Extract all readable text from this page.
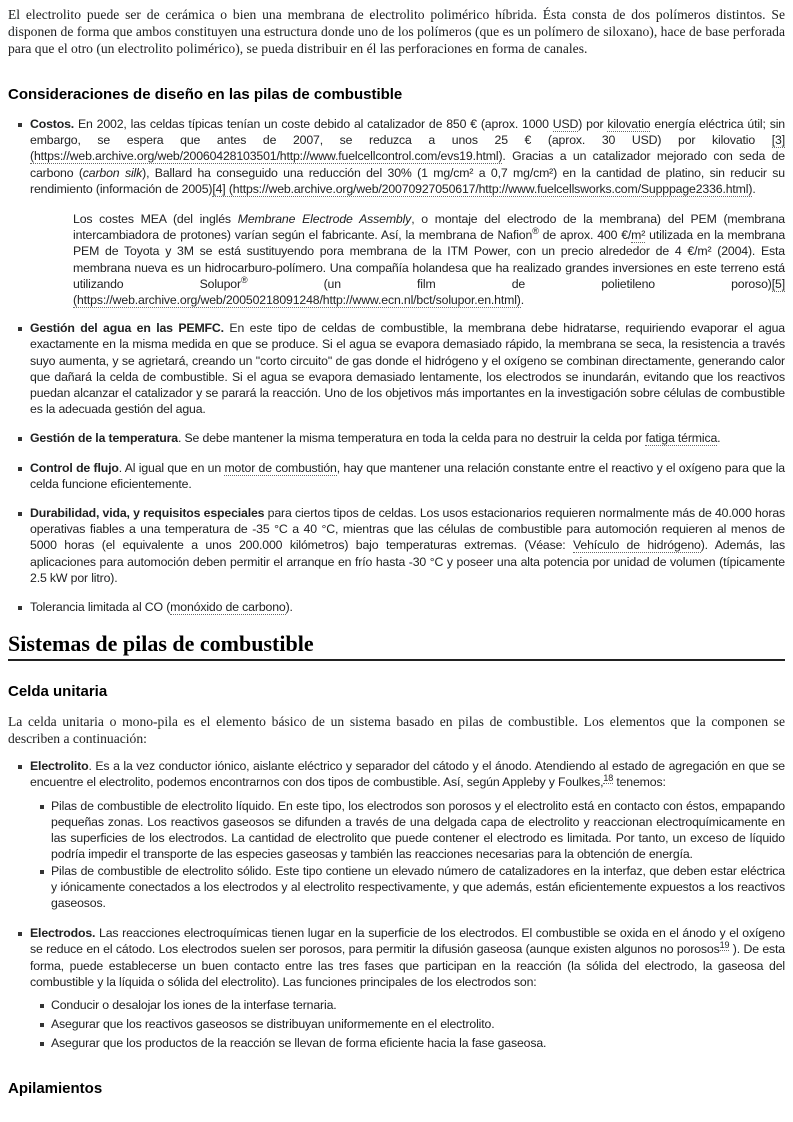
El electrolito puede ser de cerámica o bien una membrana de electrolito polimérico híbrida. Ésta consta de dos polímeros distintos. Se disponen de forma que ambos constituyen una estructura donde uno de los polímeros (que es un polímero de siloxano), hace de base perforada para que el otro (un electrolito polimérico), se pueda distribuir en él las perforaciones en forma de canales.

Consideraciones de diseño en las pilas de combustible
Costos. En 2002, las celdas típicas tenían un coste debido al catalizador de 850 € (aprox. 1000 USD) por kilovatio energía eléctrica útil; sin embargo, se espera que antes de 2007, se reduzca a unos 25 € (aprox. 30 USD) por kilovatio [3] (https://web.archive.org/web/20060428103501/http://www.fuelcellcontrol.com/evs19.html). Gracias a un catalizador mejorado con seda de carbono (carbon silk), Ballard ha conseguido una reducción del 30% (1 mg/cm² a 0,7 mg/cm²) en la cantidad de platino, sin reducir su rendimiento (información de 2005)[4] (https://web.archive.org/web/20070927050617/http://www.fuelcellsworks.com/Supppage2336.html).

Los costes MEA (del inglés Membrane Electrode Assembly, o montaje del electrodo de la membrana) del PEM (membrana intercambiadora de protones) varían según el fabricante. Así, la membrana de Nafion® de aprox. 400 €/m² utilizada en la membrana PEM de Toyota y 3M se está sustituyendo pora membrana de la ITM Power, con un precio alrededor de 4 €/m² (2004). Esta membrana nueva es un hidrocarburo-polímero. Una compañía holandesa que ha realizado grandes inversiones en este terreno está utilizando Solupor® (un film de polietileno poroso)[5] (https://web.archive.org/web/20050218091248/http://www.ecn.nl/bct/solupor.en.html).

Gestión del agua en las PEMFC. En este tipo de celdas de combustible, la membrana debe hidratarse, requiriendo evaporar el agua exactamente en la misma medida en que se produce. Si el agua se evapora demasiado rápido, la membrana se seca, la resistencia a través suyo aumenta, y se agrietará, creando un "corto circuito" de gas donde el hidrógeno y el oxígeno se combinan directamente, generando calor que dañará la celda de combustible. Si el agua se evapora demasiado lentamente, los electrodos se inundarán, evitando que los reactivos puedan alcanzar el catalizador y se parará la reacción. Uno de los objetivos más importantes en la investigación sobre células de combustible es la adecuada gestión del agua.
Gestión de la temperatura. Se debe mantener la misma temperatura en toda la celda para no destruir la celda por fatiga térmica.
Control de flujo. Al igual que en un motor de combustión, hay que mantener una relación constante entre el reactivo y el oxígeno para que la celda funcione eficientemente.
Durabilidad, vida, y requisitos especiales para ciertos tipos de celdas. Los usos estacionarios requieren normalmente más de 40.000 horas operativas fiables a una temperatura de -35 °C a 40 °C, mientras que las células de combustible para automoción requieren al menos de 5000 horas (el equivalente a unos 200.000 kilómetros) bajo temperaturas extremas. (Véase: Vehículo de hidrógeno). Además, las aplicaciones para automoción deben permitir el arranque en frío hasta -30 °C y poseer una alta potencia por unidad de volumen (típicamente 2.5 kW por litro).
Tolerancia limitada al CO (monóxido de carbono).
Sistemas de pilas de combustible
Celda unitaria

La celda unitaria o mono-pila es el elemento básico de un sistema basado en pilas de combustible. Los elementos que la componen se describen a continuación:

Electrolito. Es a la vez conductor iónico, aislante eléctrico y separador del cátodo y el ánodo. Atendiendo al estado de agregación en que se encuentre el electrolito, podemos encontrarnos con dos tipos de combustible. Así, según Appleby y Foulkes,$^{18}$ tenemos:
Pilas de combustible de electrolito líquido. En este tipo, los electrodos son porosos y el electrolito está en contacto con éstos, empapando pequeñas zonas. Los reactivos gaseosos se difunden a través de una delgada capa de electrolito y reaccionan electroquímicamente en las superficies de los electrodos. La cantidad de electrolito que puede contener el electrodo es limitada. Por tanto, un exceso de líquido podría impedir el transporte de las especies gaseosas y también las reacciones necesarias para la obtención de energía.
Pilas de combustible de electrolito sólido. Este tipo contiene un elevado número de catalizadores en la interfaz, que deben estar eléctrica y iónicamente conectados a los electrodos y al electrolito respectivamente, y que además, están eficientemente expuestos a los reactivos gaseosos.
Electrodos. Las reacciones electroquímicas tienen lugar en la superficie de los electrodos. El combustible se oxida en el ánodo y el oxígeno se reduce en el cátodo. Los electrodos suelen ser porosos, para permitir la difusión gaseosa (aunque existen algunos no porosos$^{19}$ ). De esta forma, puede establecerse un buen contacto entre las tres fases que participan en la reacción (la sólida del electrodo, la gaseosa del combustible y la líquida o sólida del electrolito). Las funciones principales de los electrodos son:
Conducir o desalojar los iones de la interfase ternaria.
Asegurar que los reactivos gaseosos se distribuyan uniformemente en el electrolito.
Asegurar que los productos de la reacción se llevan de forma eficiente hacia la fase gaseosa.
Apilamientos
